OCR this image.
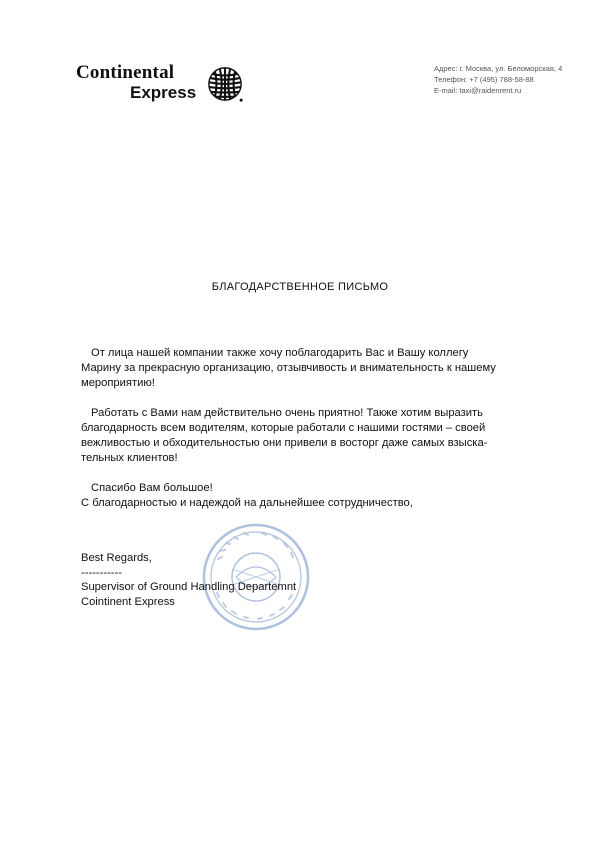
Continental
Express
Адрес: г. Москва, ул. Беломорская, 4
Телефон: +7 (495) 788-58-88
E-mail: taxi@raidenrent.ru
БЛАГОДАРСТВЕННОЕ ПИСЬМО

От лица нашей компании также хочу поблагодарить Вас и Вашу коллегу
Марину за прекрасную организацию, отзывчивость и внимательность к нашему
мероприятию!

Работать с Вами нам действительно очень приятно! Также хотим выразить
благодарность всем водителям, которые работали с нашими гостями – своей
вежливостью и обходительностью они привели в восторг даже самых взыска-
тельных клиентов!

Спасибо Вам большое!
С благодарностью и надеждой на дальнейшее сотрудничество,

Best Regards,
-----------
Supervisor of Ground Handling Departemnt
Cointinent Express
